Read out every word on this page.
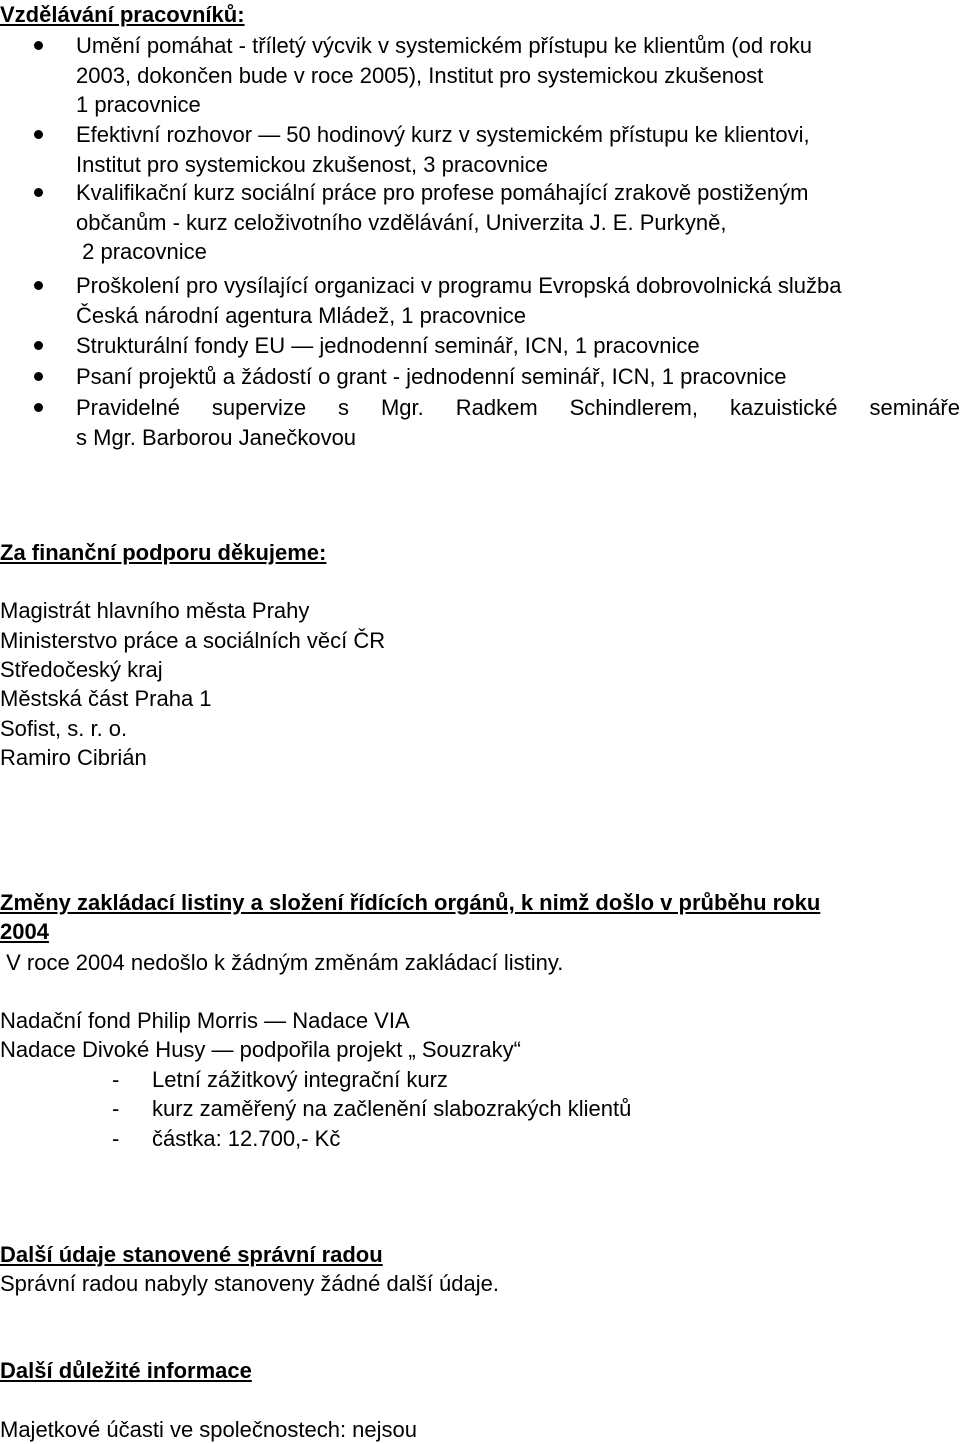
Vzdělávání pracovníků:
Umění pomáhat - tříletý výcvik v systemickém přístupu ke klientům (od roku
2003, dokončen bude v roce 2005), Institut pro systemickou zkušenost
1 pracovnice
Efektivní rozhovor — 50 hodinový kurz v systemickém přístupu ke klientovi,
Institut pro systemickou zkušenost, 3 pracovnice
Kvalifikační kurz sociální práce pro profese pomáhající zrakově postiženým
občanům - kurz celoživotního vzdělávání, Univerzita J. E. Purkyně,
2 pracovnice
Proškolení pro vysílající organizaci v programu Evropská dobrovolnická služba
Česká národní agentura Mládež, 1 pracovnice
Strukturální fondy EU — jednodenní seminář, ICN, 1 pracovnice
Psaní projektů a žádostí o grant - jednodenní seminář, ICN, 1 pracovnice
Pravidelné supervize s Mgr. Radkem Schindlerem, kazuistické semináře
s Mgr. Barborou Janečkovou
Za finanční podporu děkujeme:
Magistrát hlavního města Prahy
Ministerstvo práce a sociálních věcí ČR
Středočeský kraj
Městská část Praha 1
Sofist, s. r. o.
Ramiro Cibrián
Změny zakládací listiny a složení řídících orgánů, k nimž došlo v průběhu roku
2004
V roce 2004 nedošlo k žádným změnám zakládací listiny.
Nadační fond Philip Morris — Nadace VIA
Nadace Divoké Husy — podpořila projekt „ Souzraky“
- Letní zážitkový integrační kurz
- kurz zaměřený na začlenění slabozrakých klientů
- částka: 12.700,- Kč
Další údaje stanovené správní radou
Správní radou nabyly stanoveny žádné další údaje.
Další důležité informace
Majetkové účasti ve společnostech: nejsou
